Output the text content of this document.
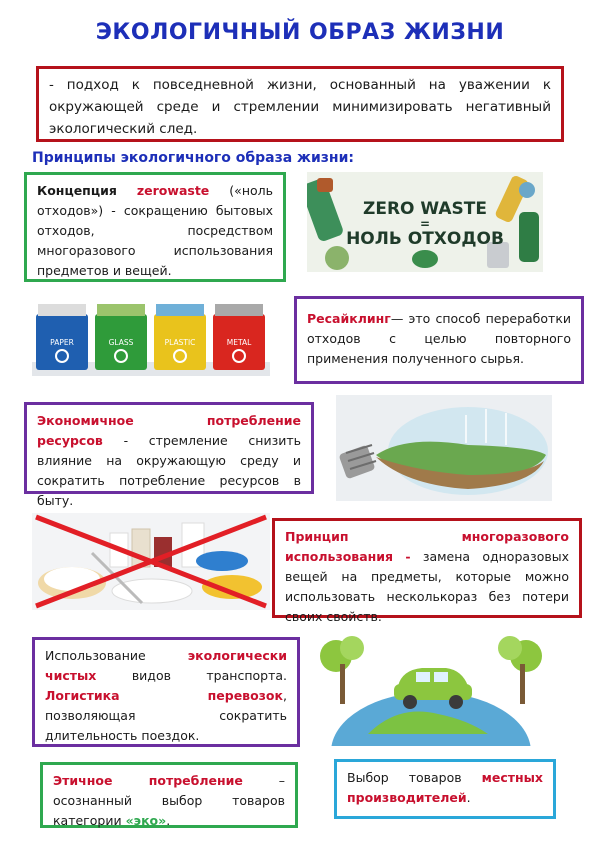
ЭКОЛОГИЧНЫЙ ОБРАЗ ЖИЗНИ

- подход к повседневной жизни, основанный на уважении к окружающей среде и стремлении минимизировать негативный экологический след.

Принципы экологичного образа жизни:

Концепция zerowaste («ноль отходов») - сокращению бытовых отходов, посредством многоразового использования предметов и вещей.

ZERO WASTE
=
НОЛЬ ОТХОДОВ
PAPER	GLASS	PLASTIC	METAL

Ресайклинг— это способ переработки отходов с целью повторного применения полученного сырья.

Экономичное потребление ресурсов - стремление снизить влияние на окружающую среду и сократить потребление ресурсов в быту.

Принцип многоразового использования - замена одноразовых вещей на предметы, которые можно использовать несколькораз без потери своих свойств.

Использование	экологически чистых	видов транспорта. Логистика перевозок, позволяющая сократить длительность поездок.

Этичное потребление	– осознанный выбор товаров категории «эко».

Выбор товаров местных производителей.
